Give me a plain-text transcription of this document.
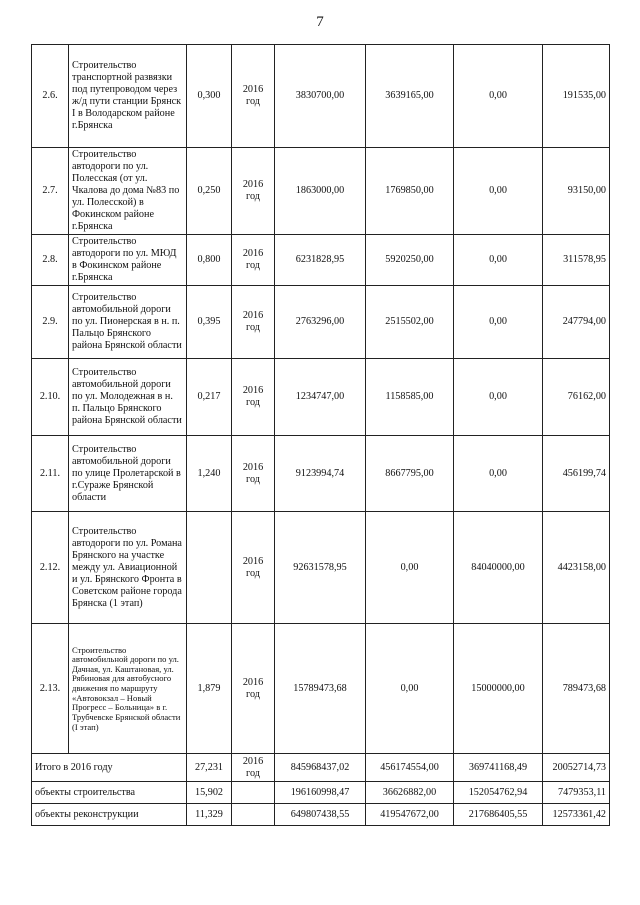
7
2.6.	Строительство транспортной развязки под путепроводом через ж/д пути станции Брянск I в Володарском районе г.Брянска	0,300	2016 год	3830700,00	3639165,00	0,00	191535,00
2.7.	Строительство автодороги по ул. Полесская (от ул. Чкалова до дома №83 по ул. Полесской) в Фокинском районе г.Брянска	0,250	2016 год	1863000,00	1769850,00	0,00	93150,00
2.8.	Строительство автодороги по ул. МЮД в Фокинском районе г.Брянска	0,800	2016 год	6231828,95	5920250,00	0,00	311578,95
2.9.	Строительство автомобильной дороги по ул. Пионерская в н. п. Пальцо Брянского района Брянской области	0,395	2016 год	2763296,00	2515502,00	0,00	247794,00
2.10.	Строительство автомобильной дороги по ул. Молодежная в н. п. Пальцо Брянского района Брянской области	0,217	2016 год	1234747,00	1158585,00	0,00	76162,00
2.11.	Строительство автомобильной дороги по улице Пролетарской в г.Сураже Брянской области	1,240	2016 год	9123994,74	8667795,00	0,00	456199,74
2.12.	Строительство автодороги по ул. Романа Брянского на участке между ул. Авиационной и ул. Брянского Фронта в Советском районе города Брянска (1 этап)		2016 год	92631578,95	0,00	84040000,00	4423158,00
2.13.	Строительство автомобильной дороги по ул. Дачная, ул. Каштановая, ул. Рябиновая для автобусного движения по маршруту «Автовокзал – Новый Прогресс – Больница» в г. Трубчевске Брянской области (I этап)	1,879	2016 год	15789473,68	0,00	15000000,00	789473,68
Итого в 2016 году		27,231	2016 год	845968437,02	456174554,00	369741168,49	20052714,73
объекты строительства		15,902		196160998,47	36626882,00	152054762,94	7479353,11
объекты реконструкции		11,329		649807438,55	419547672,00	217686405,55	12573361,42
